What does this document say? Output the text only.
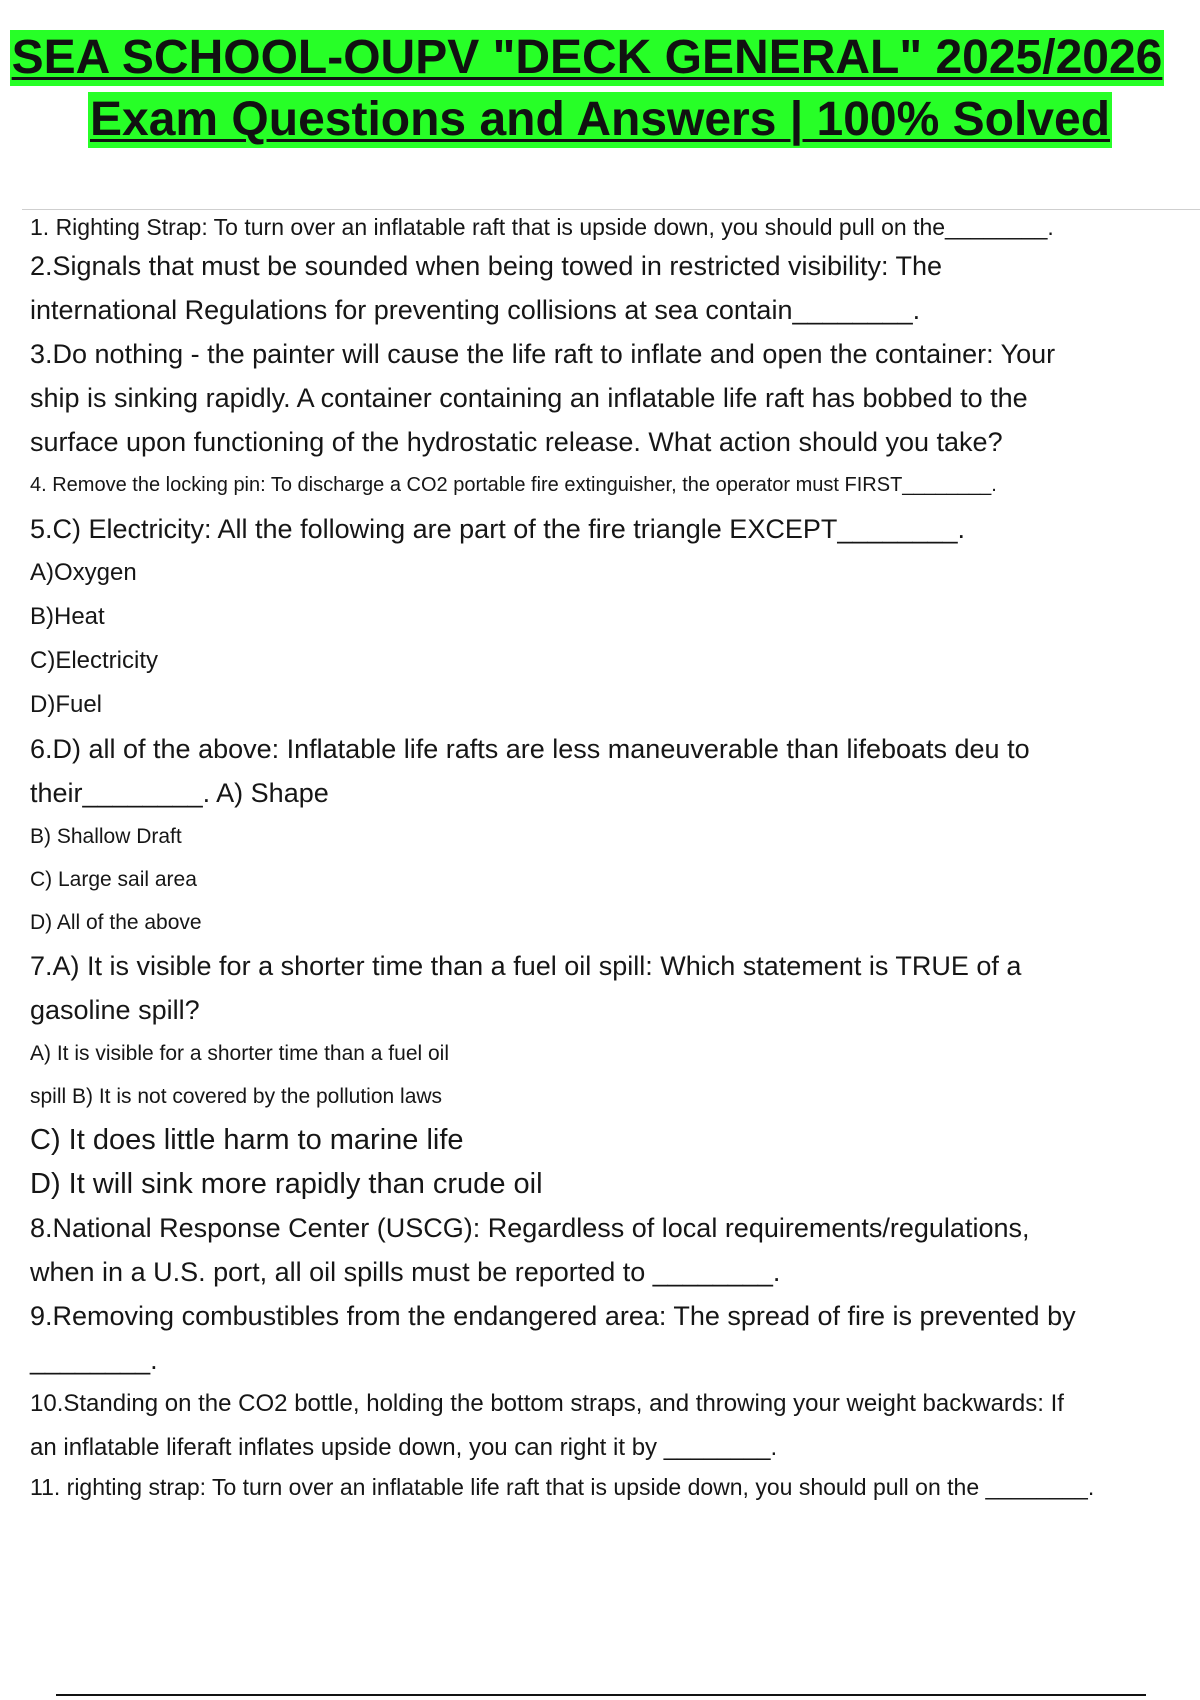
SEA SCHOOL-OUPV "DECK GENERAL" 2025/2026
Exam Questions and Answers | 100% Solved
1. Righting Strap: To turn over an inflatable raft that is upside down, you should pull on the________.
2.Signals that must be sounded when being towed in restricted visibility: The
international Regulations for preventing collisions at sea contain________.
3.Do nothing - the painter will cause the life raft to inflate and open the container: Your
ship is sinking rapidly. A container containing an inflatable life raft has bobbed to the
surface upon functioning of the hydrostatic release. What action should you take?
4. Remove the locking pin: To discharge a CO2 portable fire extinguisher, the operator must FIRST________.
5.C) Electricity: All the following are part of the fire triangle EXCEPT________.
A)Oxygen
B)Heat
C)Electricity
D)Fuel
6.D) all of the above: Inflatable life rafts are less maneuverable than lifeboats deu to
their________. A) Shape
B) Shallow Draft
C) Large sail area
D) All of the above
7.A) It is visible for a shorter time than a fuel oil spill: Which statement is TRUE of a
gasoline spill?
A) It is visible for a shorter time than a fuel oil
spill B) It is not covered by the pollution laws
C) It does little harm to marine life
D) It will sink more rapidly than crude oil
8.National Response Center (USCG): Regardless of local requirements/regulations,
when in a U.S. port, all oil spills must be reported to ________.
9.Removing combustibles from the endangered area: The spread of fire is prevented by
________.
10.Standing on the CO2 bottle, holding the bottom straps, and throwing your weight backwards: If
an inflatable liferaft inflates upside down, you can right it by ________.
11. righting strap: To turn over an inflatable life raft that is upside down, you should pull on the ________.
